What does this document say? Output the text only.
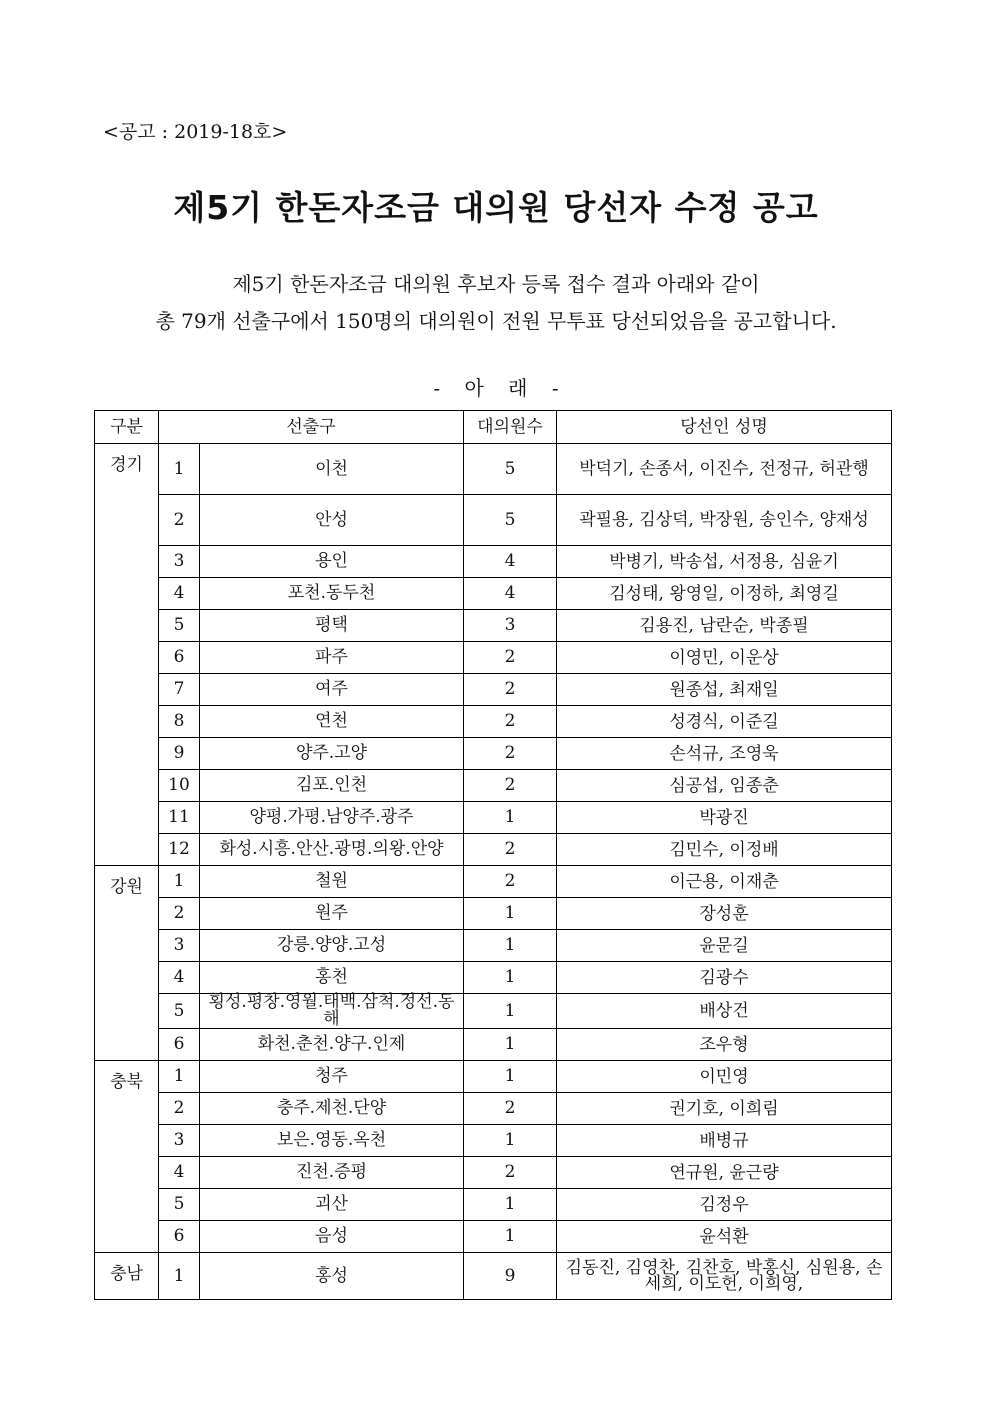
<공고 : 2019-18호>
제5기 한돈자조금 대의원 당선자 수정 공고
제5기 한돈자조금 대의원 후보자 등록 접수 결과 아래와 같이
총 79개 선출구에서 150명의 대의원이 전원 무투표 당선되었음을 공고합니다.
- 아 래 -
구분	선출구		대의원수	당선인 성명
경기	1	이천	5	박덕기, 손종서, 이진수, 전정규, 허관행
	2	안성	5	곽필용, 김상덕, 박장원, 송인수, 양재성
	3	용인	4	박병기, 박송섭, 서정용, 심윤기
	4	포천.동두천	4	김성태, 왕영일, 이정하, 최영길
	5	평택	3	김용진, 남란순, 박종필
	6	파주	2	이영민, 이운상
	7	여주	2	원종섭, 최재일
	8	연천	2	성경식, 이준길
	9	양주.고양	2	손석규, 조영욱
	10	김포.인천	2	심공섭, 임종춘
	11	양평.가평.남양주.광주	1	박광진
	12	화성.시흥.안산.광명.의왕.안양	2	김민수, 이정배
강원	1	철원	2	이근용, 이재춘
	2	원주	1	장성훈
	3	강릉.양양.고성	1	윤문길
	4	홍천	1	김광수
	5	횡성.평창.영월.태백.삼척.정선.동해	1	배상건
	6	화천.춘천.양구.인제	1	조우형
충북	1	청주	1	이민영
	2	충주.제천.단양	2	권기호, 이희림
	3	보은.영동.옥천	1	배병규
	4	진천.증평	2	연규원, 윤근량
	5	괴산	1	김정우
	6	음성	1	윤석환
충남	1	홍성	9	김동진, 김영찬, 김찬호, 박홍신, 심원용, 손세희, 이도헌, 이희영,
